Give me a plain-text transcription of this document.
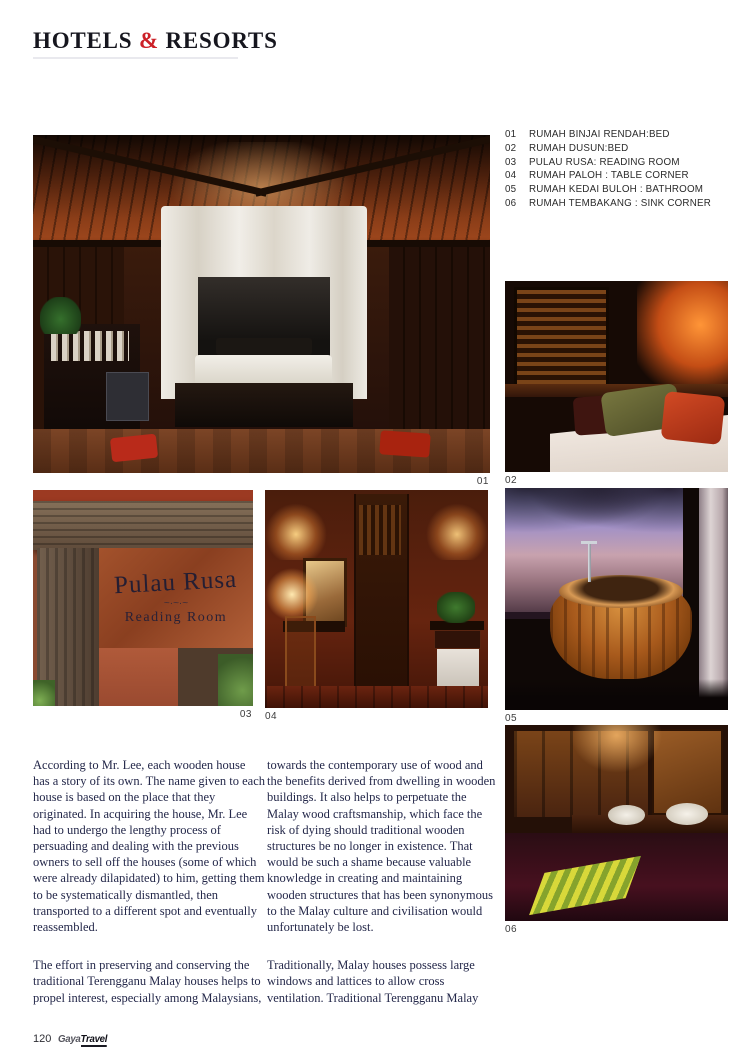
HOTELS & RESORTS
01	RUMAH BINJAI RENDAH:BED
02	RUMAH DUSUN:BED
03	PULAU RUSA: READING ROOM
04	RUMAH PALOH : TABLE CORNER
05	RUMAH KEDAI BULOH : BATHROOM
06	RUMAH TEMBAKANG : SINK CORNER
01 02
Pulau Rusa
~·~·~
Reading Room
03 04	05
06

According to Mr. Lee, each wooden house has a story of its own. The name given to each house is based on the place that they originated. In acquiring the house, Mr. Lee had to undergo the lengthy process of persuading and dealing with the previous owners to sell off the houses (some of which were already dilapidated) to him, getting them to be systematically dismantled, then transported to a different spot and eventually reassembled.

The effort in preserving and conserving the traditional Terengganu Malay houses helps to propel interest, especially among Malaysians,

towards the contemporary use of wood and the benefits derived from dwelling in wooden buildings. It also helps to perpetuate the Malay wood craftsmanship, which face the risk of dying should traditional wooden structures be no longer in existence. That would be such a shame because valuable knowledge in creating and maintaining wooden structures that has been synonymous to the Malay culture and civilisation would unfortunately be lost.

Traditionally, Malay houses possess large windows and lattices to allow cross ventilation. Traditional Terengganu Malay

120 GayaTravel
